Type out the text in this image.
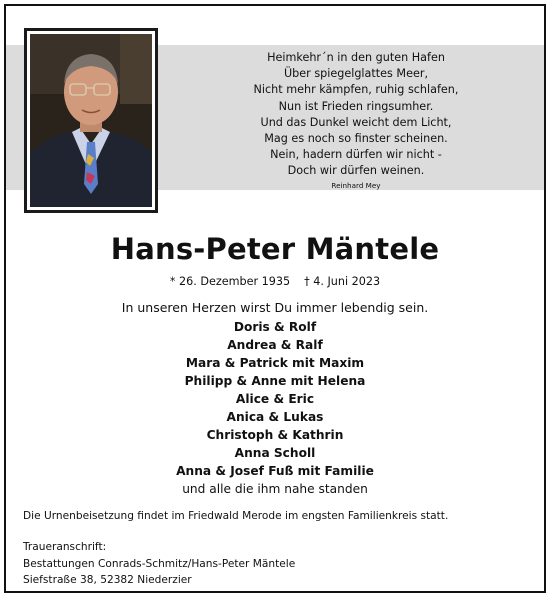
Heimkehr´n in den guten Hafen
Über spiegelglattes Meer,
Nicht mehr kämpfen, ruhig schlafen,
Nun ist Frieden ringsumher.
Und das Dunkel weicht dem Licht,
Mag es noch so finster scheinen.
Nein, hadern dürfen wir nicht -
Doch wir dürfen weinen.
Reinhard Mey
Hans-Peter Mäntele
* 26. Dezember 1935 † 4. Juni 2023
In unseren Herzen wirst Du immer lebendig sein.
Doris & Rolf
Andrea & Ralf
Mara & Patrick mit Maxim
Philipp & Anne mit Helena
Alice & Eric
Anica & Lukas
Christoph & Kathrin
Anna Scholl
Anna & Josef Fuß mit Familie
und alle die ihm nahe standen
Die Urnenbeisetzung findet im Friedwald Merode im engsten Familienkreis statt.
Traueranschrift:
Bestattungen Conrads-Schmitz/Hans-Peter Mäntele
Siefstraße 38, 52382 Niederzier
